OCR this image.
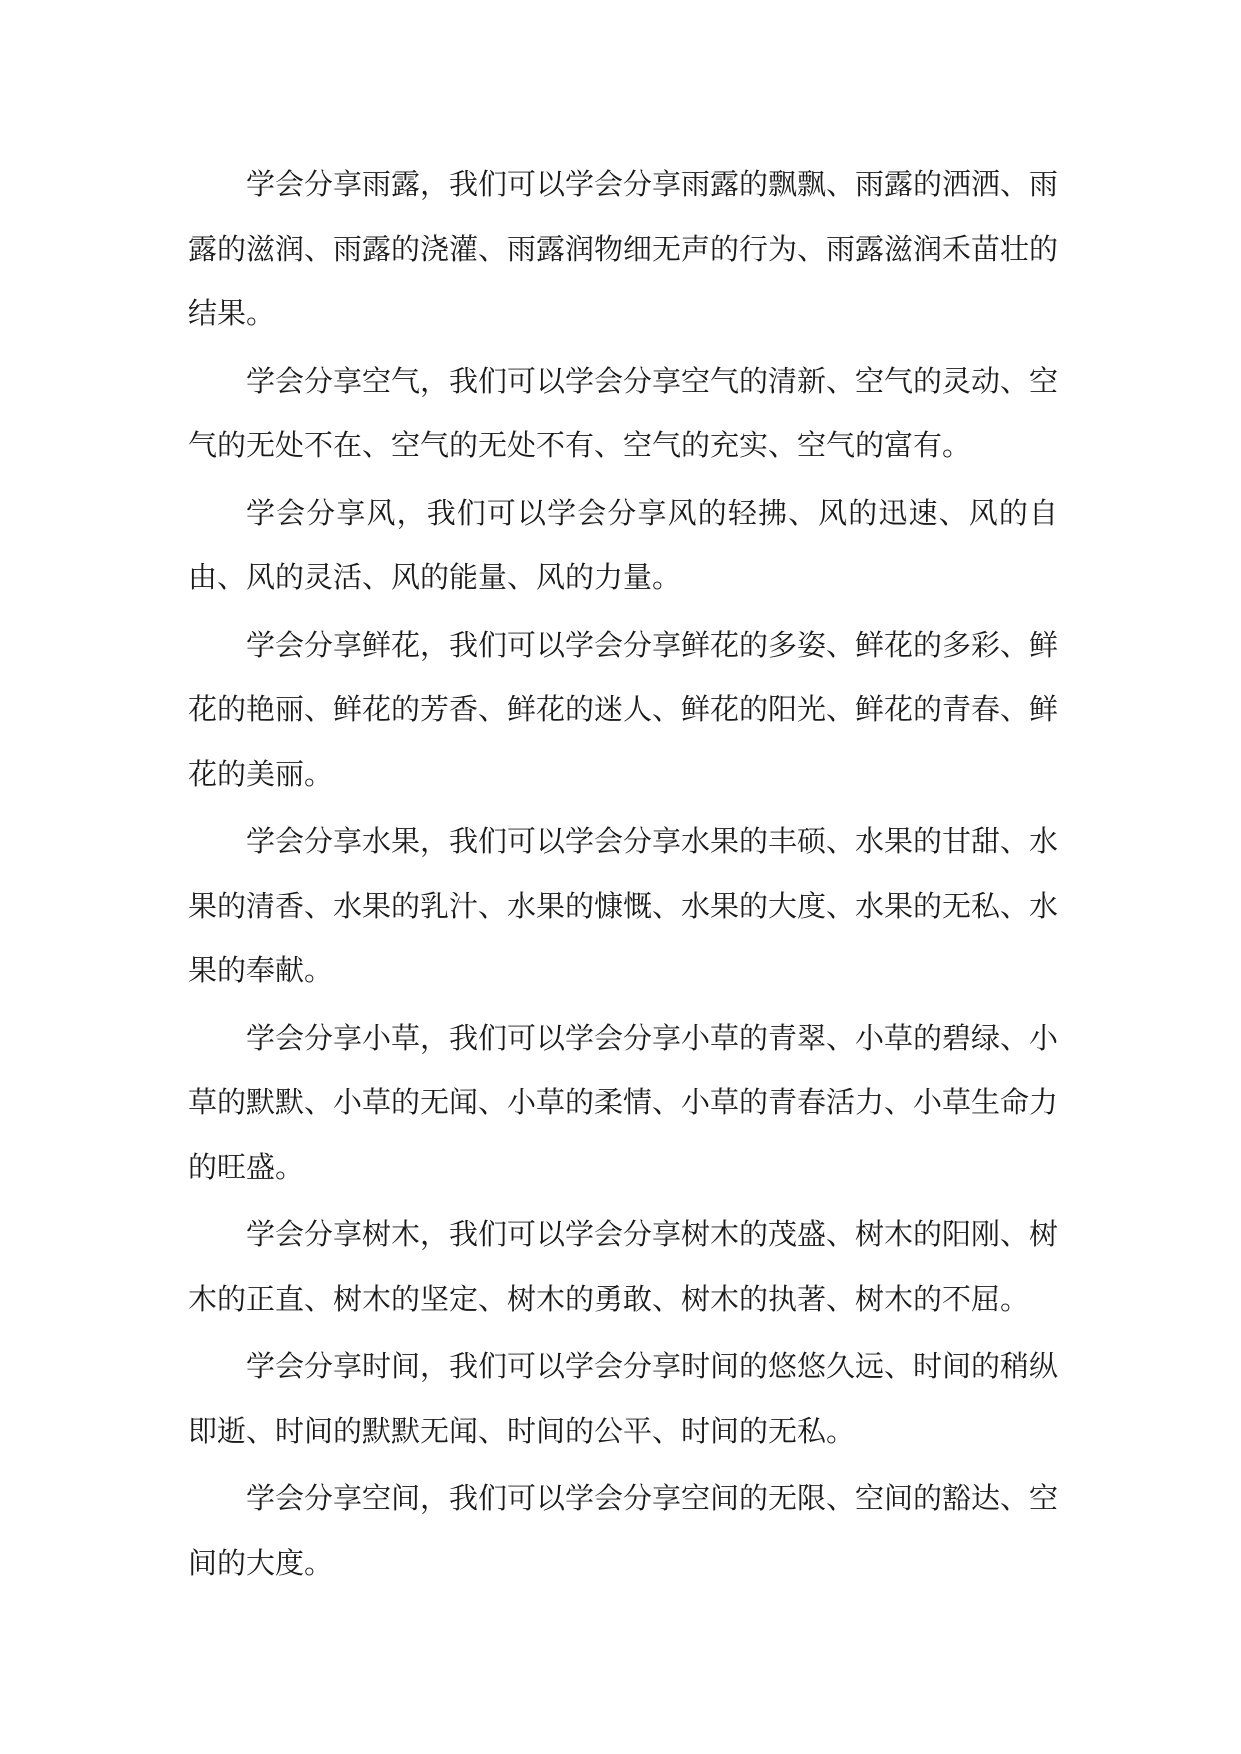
学会分享雨露，我们可以学会分享雨露的飘飘、雨露的洒洒、雨露的滋润、雨露的浇灌、雨露润物细无声的行为、雨露滋润禾苗壮的结果。

学会分享空气，我们可以学会分享空气的清新、空气的灵动、空气的无处不在、空气的无处不有、空气的充实、空气的富有。

学会分享风，我们可以学会分享风的轻拂、风的迅速、风的自由、风的灵活、风的能量、风的力量。

学会分享鲜花，我们可以学会分享鲜花的多姿、鲜花的多彩、鲜花的艳丽、鲜花的芳香、鲜花的迷人、鲜花的阳光、鲜花的青春、鲜花的美丽。

学会分享水果，我们可以学会分享水果的丰硕、水果的甘甜、水果的清香、水果的乳汁、水果的慷慨、水果的大度、水果的无私、水果的奉献。

学会分享小草，我们可以学会分享小草的青翠、小草的碧绿、小草的默默、小草的无闻、小草的柔情、小草的青春活力、小草生命力的旺盛。

学会分享树木，我们可以学会分享树木的茂盛、树木的阳刚、树木的正直、树木的坚定、树木的勇敢、树木的执著、树木的不屈。

学会分享时间，我们可以学会分享时间的悠悠久远、时间的稍纵即逝、时间的默默无闻、时间的公平、时间的无私。

学会分享空间，我们可以学会分享空间的无限、空间的豁达、空间的大度。
